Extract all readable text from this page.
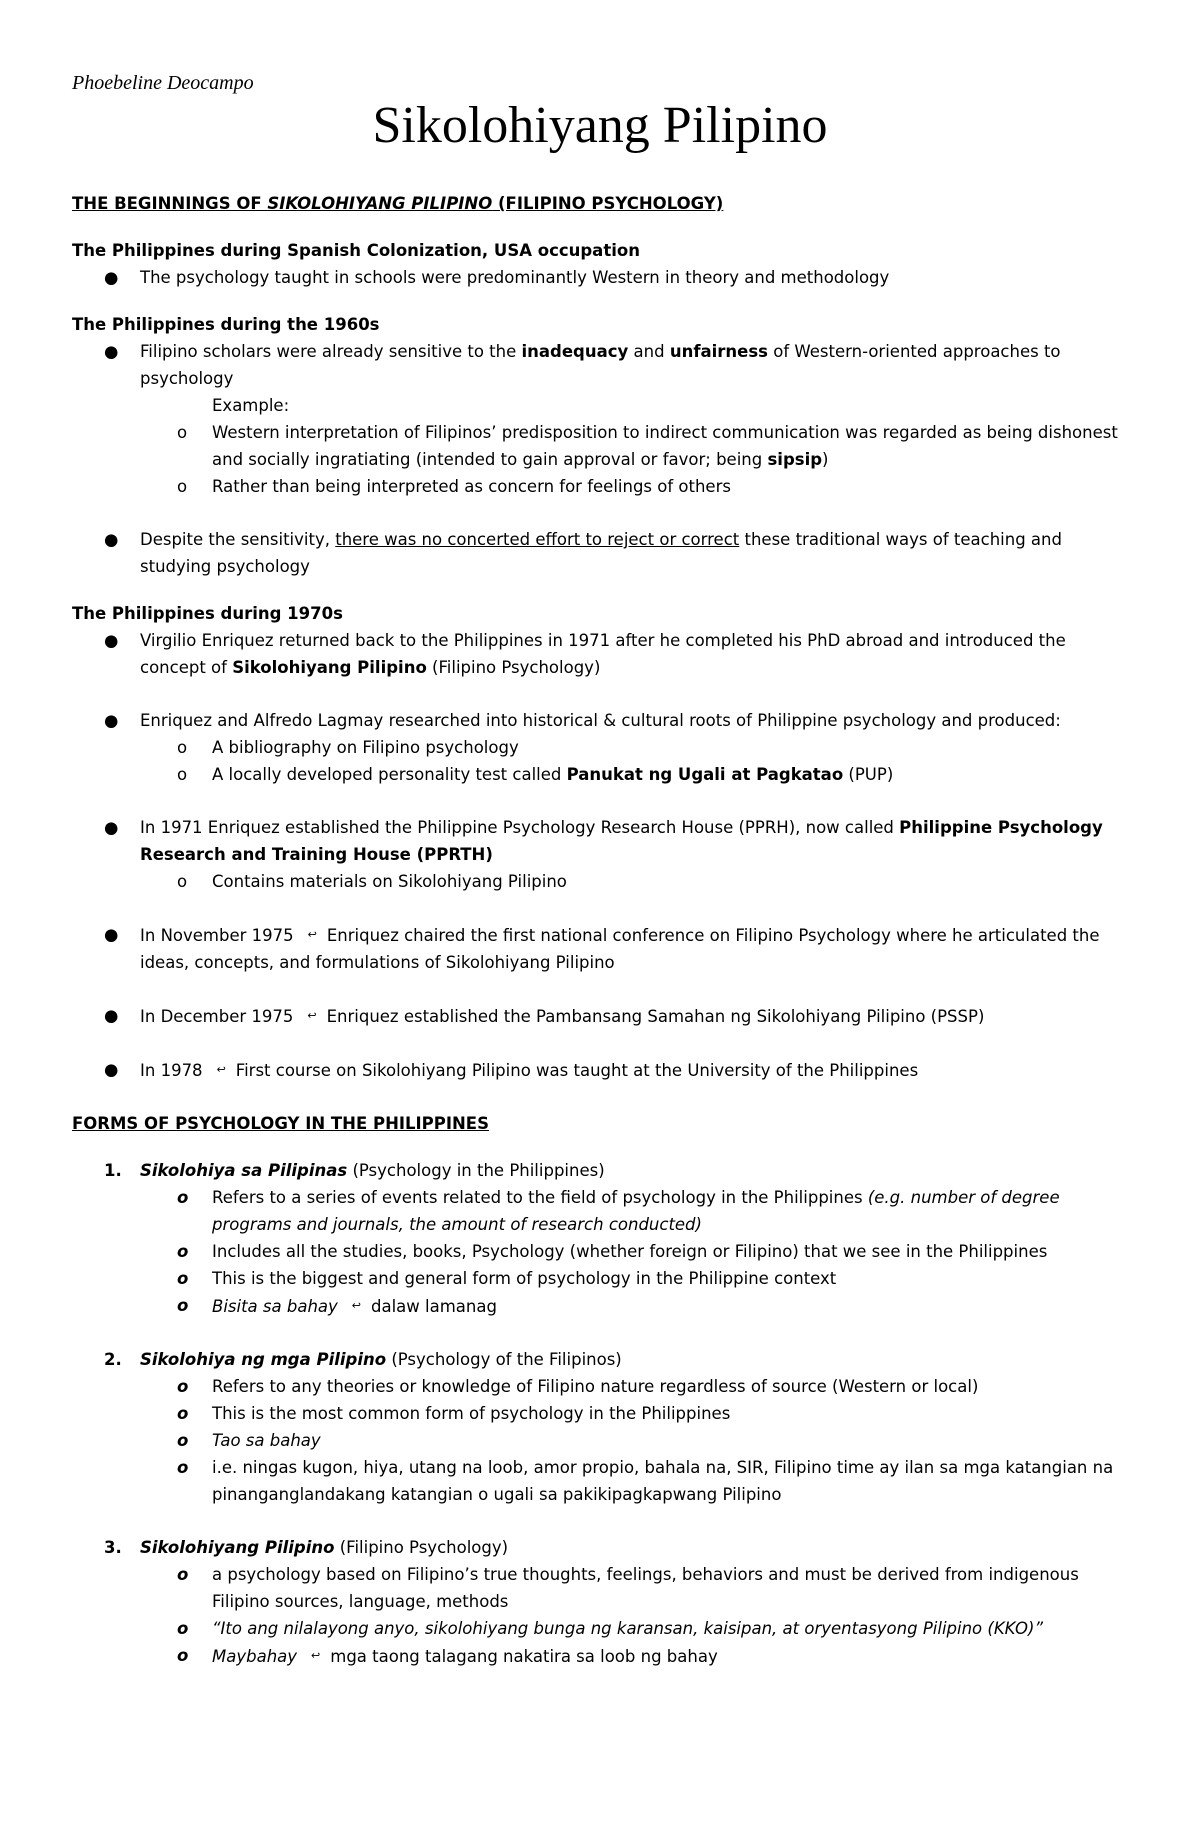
Phoebeline Deocampo
Sikolohiyang Pilipino
THE BEGINNINGS OF SIKOLOHIYANG PILIPINO (FILIPINO PSYCHOLOGY)
The Philippines during Spanish Colonization, USA occupation
● The psychology taught in schools were predominantly Western in theory and methodology
The Philippines during the 1960s
● Filipino scholars were already sensitive to the inadequacy and unfairness of Western-oriented approaches to psychology
Example:
o Western interpretation of Filipinos’ predisposition to indirect communication was regarded as being dishonest and socially ingratiating (intended to gain approval or favor; being sipsip)
o Rather than being interpreted as concern for feelings of others
● Despite the sensitivity, there was no concerted effort to reject or correct these traditional ways of teaching and studying psychology
The Philippines during 1970s
● Virgilio Enriquez returned back to the Philippines in 1971 after he completed his PhD abroad and introduced the concept of Sikolohiyang Pilipino (Filipino Psychology)
● Enriquez and Alfredo Lagmay researched into historical & cultural roots of Philippine psychology and produced:
o A bibliography on Filipino psychology
o A locally developed personality test called Panukat ng Ugali at Pagkatao (PUP)
● In 1971 Enriquez established the Philippine Psychology Research House (PPRH), now called Philippine Psychology Research and Training House (PPRTH)
o Contains materials on Sikolohiyang Pilipino
● In November 1975 ↩ Enriquez chaired the first national conference on Filipino Psychology where he articulated the ideas, concepts, and formulations of Sikolohiyang Pilipino
● In December 1975 ↩ Enriquez established the Pambansang Samahan ng Sikolohiyang Pilipino (PSSP)
● In 1978 ↩ First course on Sikolohiyang Pilipino was taught at the University of the Philippines
FORMS OF PSYCHOLOGY IN THE PHILIPPINES
1. Sikolohiya sa Pilipinas (Psychology in the Philippines)
o Refers to a series of events related to the field of psychology in the Philippines (e.g. number of degree programs and journals, the amount of research conducted)
o Includes all the studies, books, Psychology (whether foreign or Filipino) that we see in the Philippines
o This is the biggest and general form of psychology in the Philippine context
o Bisita sa bahay ↩ dalaw lamanag
2. Sikolohiya ng mga Pilipino (Psychology of the Filipinos)
o Refers to any theories or knowledge of Filipino nature regardless of source (Western or local)
o This is the most common form of psychology in the Philippines
o Tao sa bahay
o i.e. ningas kugon, hiya, utang na loob, amor propio, bahala na, SIR, Filipino time ay ilan sa mga katangian na pinanganglandakang katangian o ugali sa pakikipagkapwang Pilipino
3. Sikolohiyang Pilipino (Filipino Psychology)
o a psychology based on Filipino’s true thoughts, feelings, behaviors and must be derived from indigenous Filipino sources, language, methods
o “Ito ang nilalayong anyo, sikolohiyang bunga ng karansan, kaisipan, at oryentasyong Pilipino (KKO)”
o Maybahay ↩ mga taong talagang nakatira sa loob ng bahay
